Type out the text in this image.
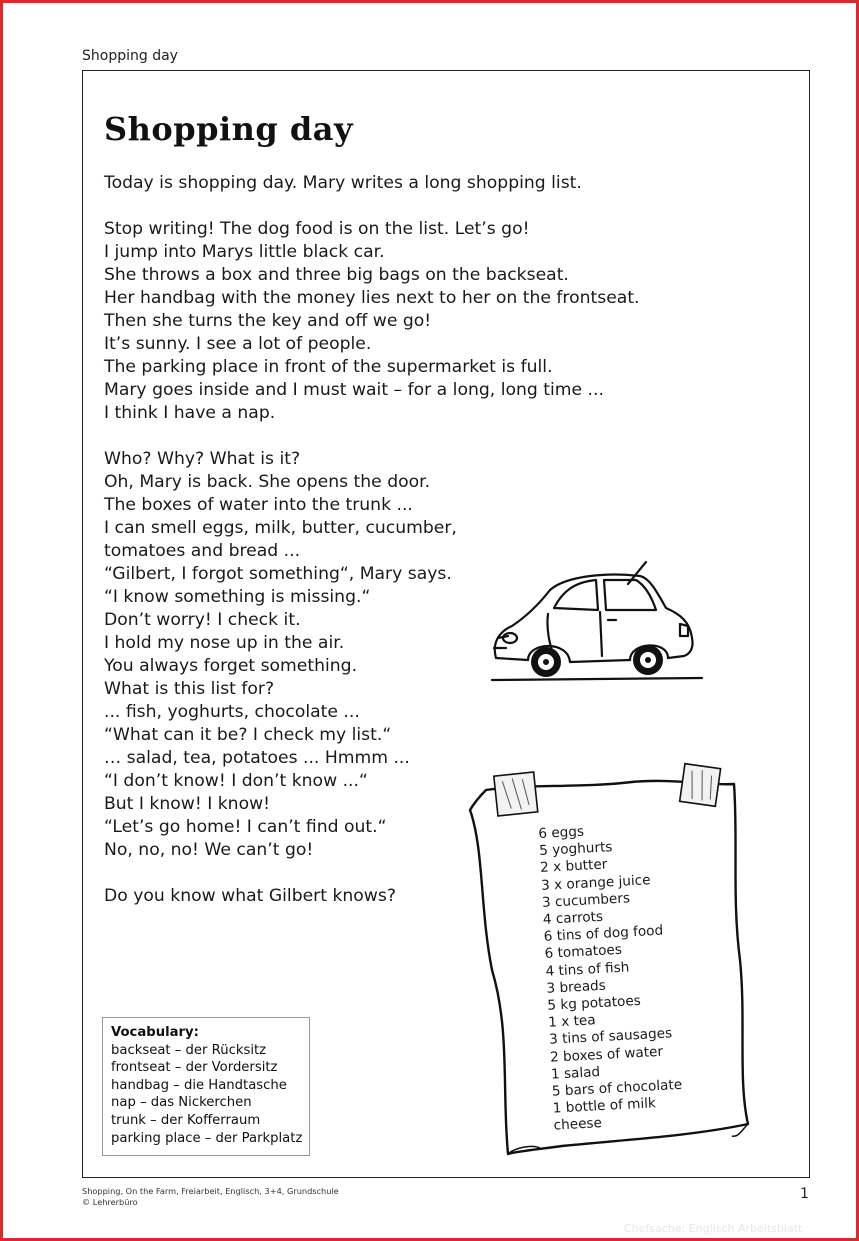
Shopping day
Shopping day
Today is shopping day. Mary writes a long shopping list.
Stop writing! The dog food is on the list. Let’s go!
I jump into Marys little black car.
She throws a box and three big bags on the backseat.
Her handbag with the money lies next to her on the frontseat.
Then she turns the key and off we go!
It’s sunny. I see a lot of people.
The parking place in front of the supermarket is full.
Mary goes inside and I must wait – for a long, long time ...
I think I have a nap.
Who? Why? What is it?
Oh, Mary is back. She opens the door.
The boxes of water into the trunk ...
I can smell eggs, milk, butter, cucumber,
tomatoes and bread ...
“Gilbert, I forgot something“, Mary says.
“I know something is missing.“
Don’t worry! I check it.
I hold my nose up in the air.
You always forget something.
What is this list for?
... fish, yoghurts, chocolate ...
“What can it be? I check my list.“
… salad, tea, potatoes ... Hmmm ...
“I don’t know! I don’t know ...“
But I know! I know!
“Let’s go home! I can’t find out.“
No, no, no! We can’t go!
Do you know what Gilbert knows?
Vocabulary:
backseat – der Rücksitz
frontseat – der Vordersitz
handbag – die Handtasche
nap – das Nickerchen
trunk – der Kofferraum
parking place – der Parkplatz
6 eggs
5 yoghurts
2 x butter
3 x orange juice
3 cucumbers
4 carrots
6 tins of dog food
6 tomatoes
4 tins of fish
3 breads
5 kg potatoes
1 x tea
3 tins of sausages
2 boxes of water
1 salad
5 bars of chocolate
1 bottle of milk
cheese
Shopping, On the Farm, Freiarbeit, Englisch, 3+4, Grundschule
© Lehrerbüro	1
Chefsache: Englisch Arbeitsblatt
